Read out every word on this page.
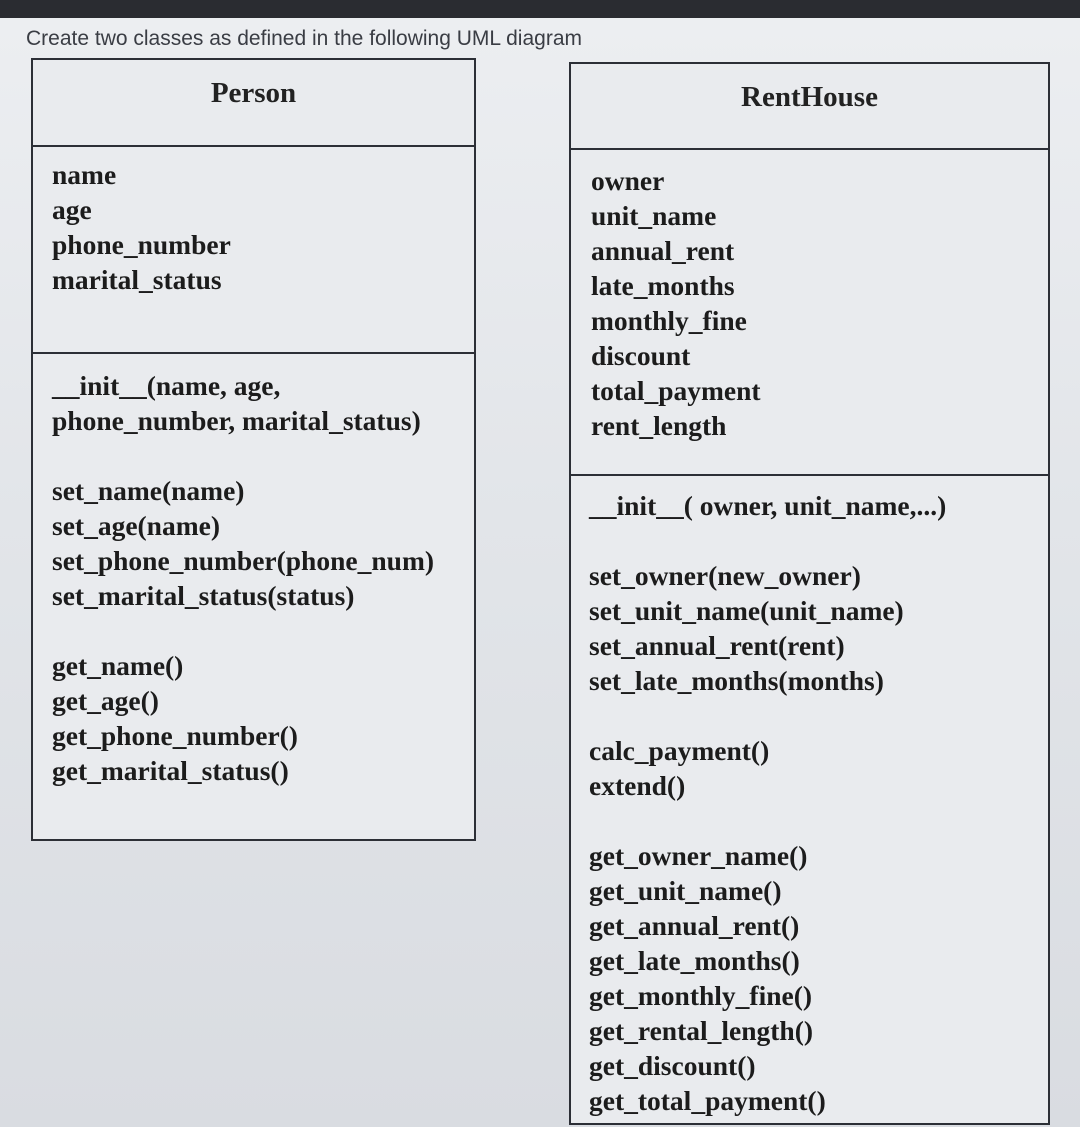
Create two classes as defined in the following UML diagram
Person
name
age
phone_number
marital_status
__init__(name, age,
phone_number, marital_status)
set_name(name)
set_age(name)
set_phone_number(phone_num)
set_marital_status(status)
get_name()
get_age()
get_phone_number()
get_marital_status()
RentHouse
owner
unit_name
annual_rent
late_months
monthly_fine
discount
total_payment
rent_length
__init__( owner, unit_name,...)
set_owner(new_owner)
set_unit_name(unit_name)
set_annual_rent(rent)
set_late_months(months)
calc_payment()
extend()
get_owner_name()
get_unit_name()
get_annual_rent()
get_late_months()
get_monthly_fine()
get_rental_length()
get_discount()
get_total_payment()
